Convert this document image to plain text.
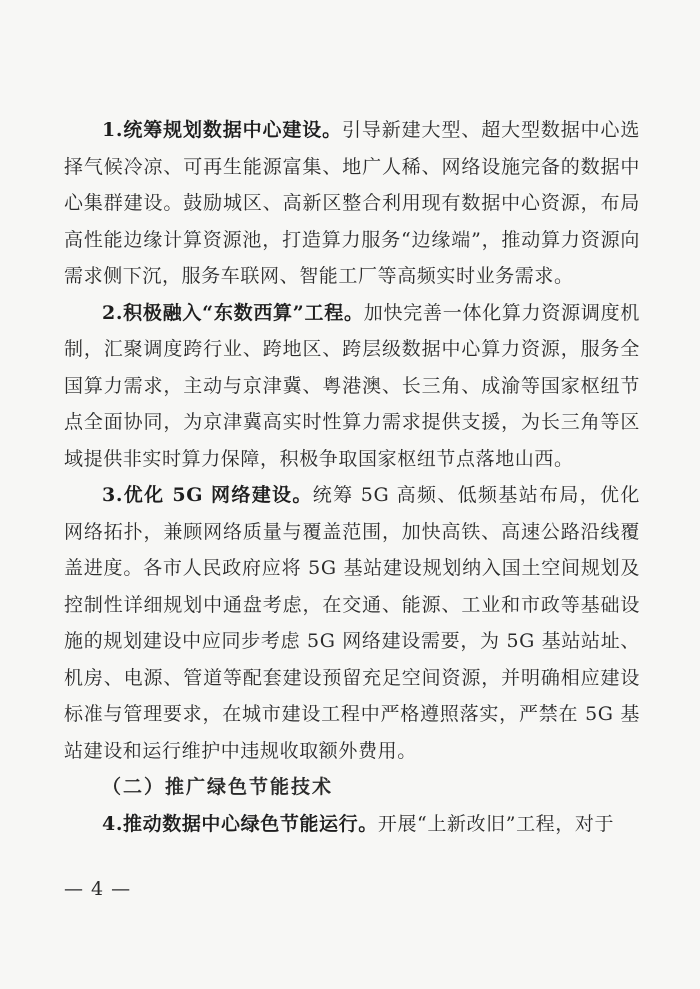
1.统筹规划数据中心建设。引导新建大型、超大型数据中心选择气候冷凉、可再生能源富集、地广人稀、网络设施完备的数据中心集群建设。鼓励城区、高新区整合利用现有数据中心资源，布局高性能边缘计算资源池，打造算力服务“边缘端”，推动算力资源向需求侧下沉，服务车联网、智能工厂等高频实时业务需求。

2.积极融入“东数西算”工程。加快完善一体化算力资源调度机制，汇聚调度跨行业、跨地区、跨层级数据中心算力资源，服务全国算力需求，主动与京津冀、粤港澳、长三角、成渝等国家枢纽节点全面协同，为京津冀高实时性算力需求提供支援，为长三角等区域提供非实时算力保障，积极争取国家枢纽节点落地山西。

3.优化 5G 网络建设。统筹 5G 高频、低频基站布局，优化网络拓扑，兼顾网络质量与覆盖范围，加快高铁、高速公路沿线覆盖进度。各市人民政府应将 5G 基站建设规划纳入国土空间规划及控制性详细规划中通盘考虑，在交通、能源、工业和市政等基础设施的规划建设中应同步考虑 5G 网络建设需要，为 5G 基站站址、机房、电源、管道等配套建设预留充足空间资源，并明确相应建设标准与管理要求，在城市建设工程中严格遵照落实，严禁在 5G 基站建设和运行维护中违规收取额外费用。

（二）推广绿色节能技术

4.推动数据中心绿色节能运行。开展“上新改旧”工程，对于

— 4 —
